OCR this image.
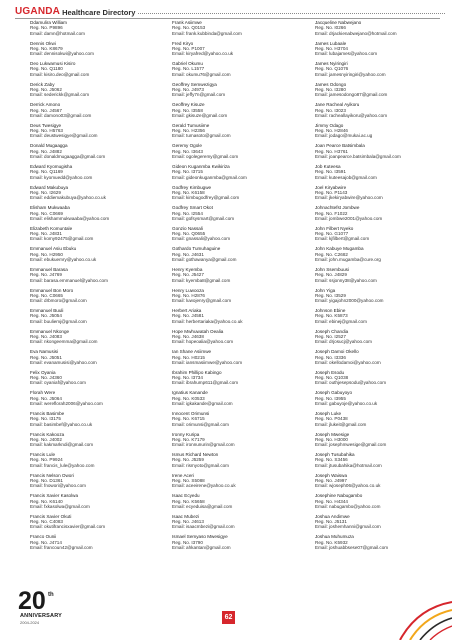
UGANDA Healthcare Directory
Ddamulira William
Reg. No. P9896
Email: damn@hotmail.com
Dennis Okwi
Reg. No. K8679
Email: dennisokwi@yahoo.com
Deo Lukwamusi Kisiro
Reg. No. Q1180
Email: kisiro.deo@gmail.com
Derick Zaby
Reg. No. J5062
Email: sederickk@gmail.com
Derrick Amono
Reg. No. J4567
Email: damono03@gmail.com
Deus Twesigye
Reg. No. H5763
Email: deustwesigye@gmail.com
Donald Mugaagga
Reg. No. J4882
Email: donaldmugaagga@gmail.com
Edward Kyomugisha
Reg. No. Q1169
Email: kyomuedd@yahoo.com
Edward Makubuya
Reg. No. I2629
Email: eddiemakubuya@yahoo.co.uk
Elisham Mukwaaba
Reg. No. C0669
Email: elishammukwaaba@yahoo.com
Elizabeth Komuntale
Reg. No. J4831
Email: komy92475@gmail.com
Emmanuel Asiu Ebuku
Reg. No. H2950
Email: ebukuemry@yahoo.co.uk
Emmanuel Barasa
Reg. No. J4769
Email: barasa.emmanuel@yahoo.com
Emmanuel Bon Moro
Reg. No. C0665
Email: drbmoro@gmail.com
Emmanuel Buuli
Reg. No. J5054
Email: buuliemj@gmail.com
Emmanuel Nkonge
Reg. No. J4083
Email: nkongeemma@gmail.com
Eva Namusisi
Reg. No. J5051
Email: evanamusisi@yahoo.com
Felix Oyania
Reg. No. J4360
Email: oyaniaf@yahoo.com
Florah Were
Reg. No. J5064
Email: wereflorah2006@yahoo.com
Francis Basimbe
Reg. No. I3175
Email: basimbef@yahoo.co.uk
Francis Kakooza
Reg. No. J4002
Email: kakmarkndi@gmail.com
Francis Lule
Reg. No. P9924
Email: francis_lule@yahoo.com
Francis Nelson Owori
Reg. No. D1361
Email: fnowori@yahoo.com
Francis Xavier Kasolwa
Reg. No. K6140
Email: fxkasolwa@gmail.com
Francis Xavier Okuti
Reg. No. C4083
Email: okutifrancisxavier@gmail.com
Franco Ounii
Reg. No. J4714
Email: francoun42@gmail.com
Frank Asiimwe
Reg. No. Q0153
Email: frank.kubbinda@gmail.com
Fred Kiryo
Reg. No. P1007
Email: kiryafred@yahoo.co.uk
Gabriel Okumu
Reg. No. L1577
Email: okumu76@gmail.com
Geoffrey Semwezigya
Reg. No. J4973
Email: jeffy7n@gmail.com
Geoffrey Kisuze
Reg. No. I3558
Email: gkisuze@gmail.com
Gerald Tumusiime
Reg. No. H2356
Email: tumasoto@gmail.com
Geremy Ogole
Reg. No. I3643
Email: ogolegeremy@gmail.com
Gideon Kuganmba Kwikiriza
Reg. No. I3715
Email: gideonkuganmba@gmail.com
Godfrey Kimbugwe
Reg. No. K6158
Email: kimbugodfrey@gmail.com
Godfrey Smart Okot
Reg. No. I2554
Email: gofsysmart@gmail.com
Gonzio Nassali
Reg. No. Q0655
Email: gnassali@yahoo.com
Gothardo Tumuhaguine
Reg. No. J4631
Email: gothawanya@gmail.com
Henry Kyemba
Reg. No. J5427
Email: kyemba8@gmail.com
Henry Luwooza
Reg. No. H2876
Email: luwojenry@gmail.com
Herbert Ariaka
Reg. No. J4581
Email: herbertariaka@yahoo.co.uk
Hope Mwhuwatah Oealia
Reg. No. J4638
Email: hopeoalia@yahoo.com
Ian Shane Asiimwe
Reg. No. H0215
Email: iansmasiimwe@yahoo.com
Ibrahim Phillipo Kabingo
Reg. No. I3734
Email: ibrahump611@gmail.com
Ignatius Kanande
Reg. No. K0533
Email: igkakande@gmail.com
Innocent Orimunsi
Reg. No. K6715
Email: orimunsi@gmail.com
Ironny Kuripa
Reg. No. K7179
Email: ironnunurin@gmail.com
Ismus Richard Newton
Reg. No. J5259
Email: rismyoto@gmail.com
Irene Aceri
Reg. No. S5088
Email: aceeirene@yahoo.co.uk
Isaac Ecyedu
Reg. No. K5658
Email: ecyeduisa@gmail.com
Isaac Mubezi
Reg. No. J4613
Email: isaacmbezi@gmail.com
Ismael Semyaso Mwesigye
Reg. No. I3790
Email: ahkantan@gmail.com
Jacqueline Nabwejano
Reg. No. I0266
Email: drjackienabwejano@hotmail.com
James Lubaale
Reg. No. H3704
Email: lubajames@yahoo.com
James Nyiringiri
Reg. No. Q1076
Email: jamesnyiringiri@yahoo.com
James Odongo
Reg. No. I3280
Email: jamesodongo87@gmail.com
Jane Racheal Ayikoru
Reg. No. I3023
Email: racheallayikoru@yahoo.com
Jimmy Odago
Reg. No. H2846
Email: jodago@mukai.ac.ug
Joan Pearce Batsimbala
Reg. No. H3761
Email: joanpearce.batsimbala@gmail.com
Job Kuteesa
Reg. No. I3591
Email: kuteesajob@gmail.com
Joel Kiryabwire
Reg. No. P1143
Email: jkekiryabwire@yahoo.com
Johnachtefst Jombwe
Reg. No. F1022
Email: jombwe2001@yahoo.com
John Filbert Nyeko
Reg. No. G1077
Email: kjfilbert@gmail.com
John Kabuye Mugamba
Reg. No. C2682
Email: john.mugamba@cure.org
John Ssembuusi
Reg. No. J4829
Email: ssjonny38@yahoo.com
John Yiga
Reg. No. I3529
Email: yigajohn2000@yahoo.com
Johnson Ebine
Reg. No. K5873
Email: ebinej@gmail.com
Joseph Chandia
Reg. No. I2527
Email: drjosucj@yahoo.com
Joseph Damoi Okello
Reg. No. I3336
Email: okellodamoi@yahoo.com
Joseph Esodu
Reg. No. Q1038
Email: outhjesepsodu@yahoo.com
Joseph Gabuyoyo
Reg. No. I3955
Email: gabuyoje@yahoo.co.uk
Joseph Luke
Reg. No. P0438
Email: jlukeit@gmail.com
Joseph Mwesige
Reg. No. H3000
Email: josephmwesige@gmail.com
Joseph Tusubahika
Reg. No. S3456
Email: jtusubahika@hotmail.com
Joseph Waiswa
Reg. No. J4997
Email: wjoseph06@yahoo.co.uk
Josephine Nabugambo
Reg. No. H4344
Email: nabugambo@yahoo.com
Joshua Andimwe
Reg. No. J5131
Email: joshemhanni@gmail.com
Joshua Muhumuza
Reg. No. K5932
Email: joshuabbsese07@gmail.com
20 th
ANNIVERSARY
2004-2024
62
